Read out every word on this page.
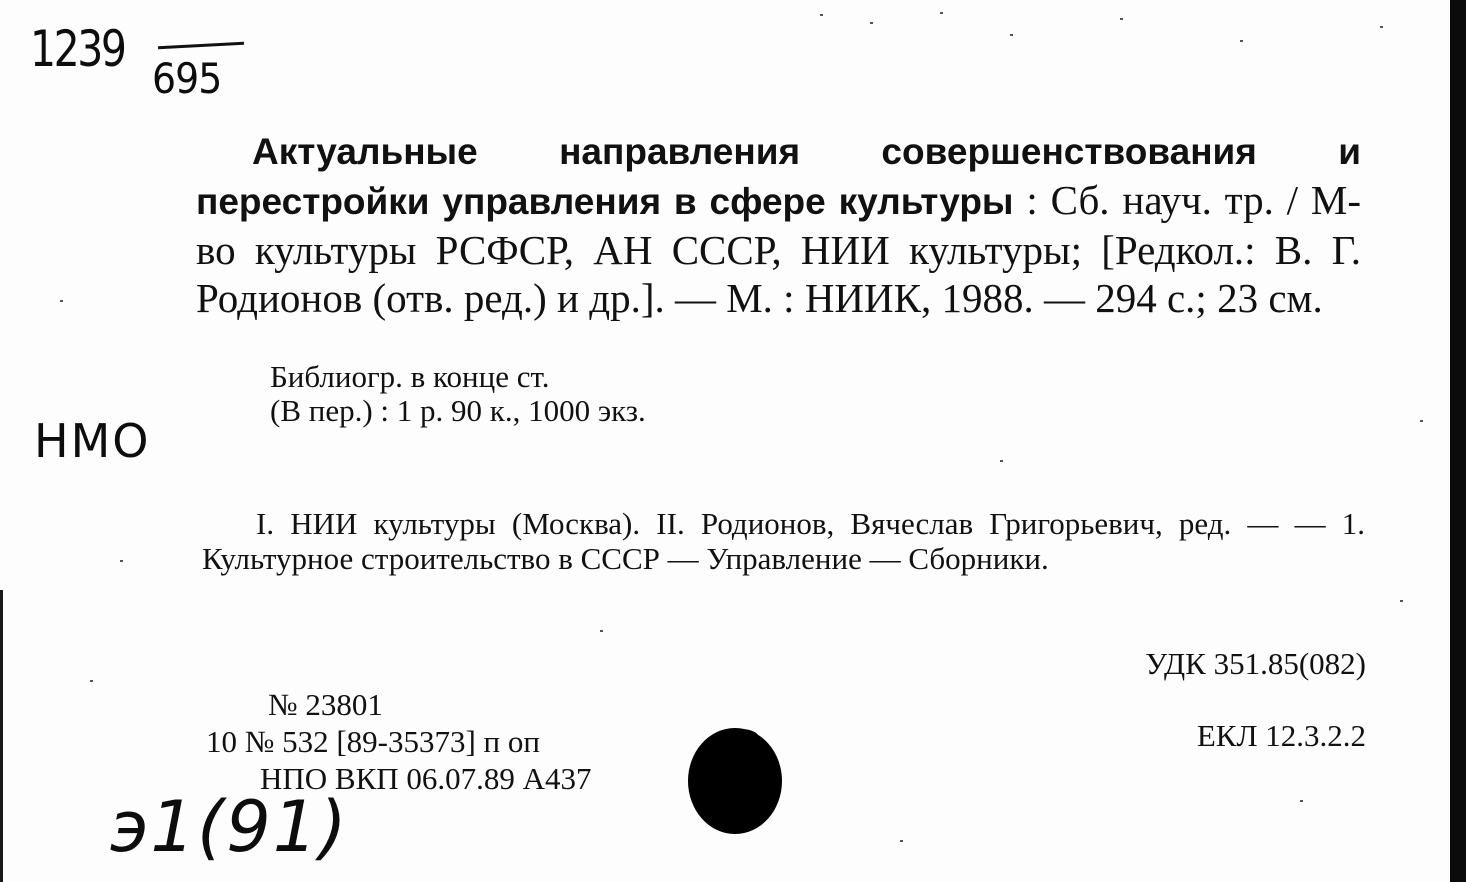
1239
695
Актуальные направления совершенствования и перестройки управления в сфере культуры : Сб. науч. тр. / М-во культуры РСФСР, АН СССР, НИИ культуры; [Редкол.: В. Г. Родионов (отв. ред.) и др.]. — М. : НИИК, 1988. — 294 с.; 23 см.
Библиогр. в конце ст.
(В пер.) : 1 р. 90 к., 1000 экз.
HMO
I. НИИ культуры (Москва). II. Родионов, Вячеслав Григорьевич, ред. — — 1. Культурное строительство в СССР — Управление — Сборники.
УДК 351.85(082)
ЕКЛ 12.3.2.2
№ 23801
10 № 532 [89-35373] п оп
НПО ВКП 06.07.89 А437
э1(91)
